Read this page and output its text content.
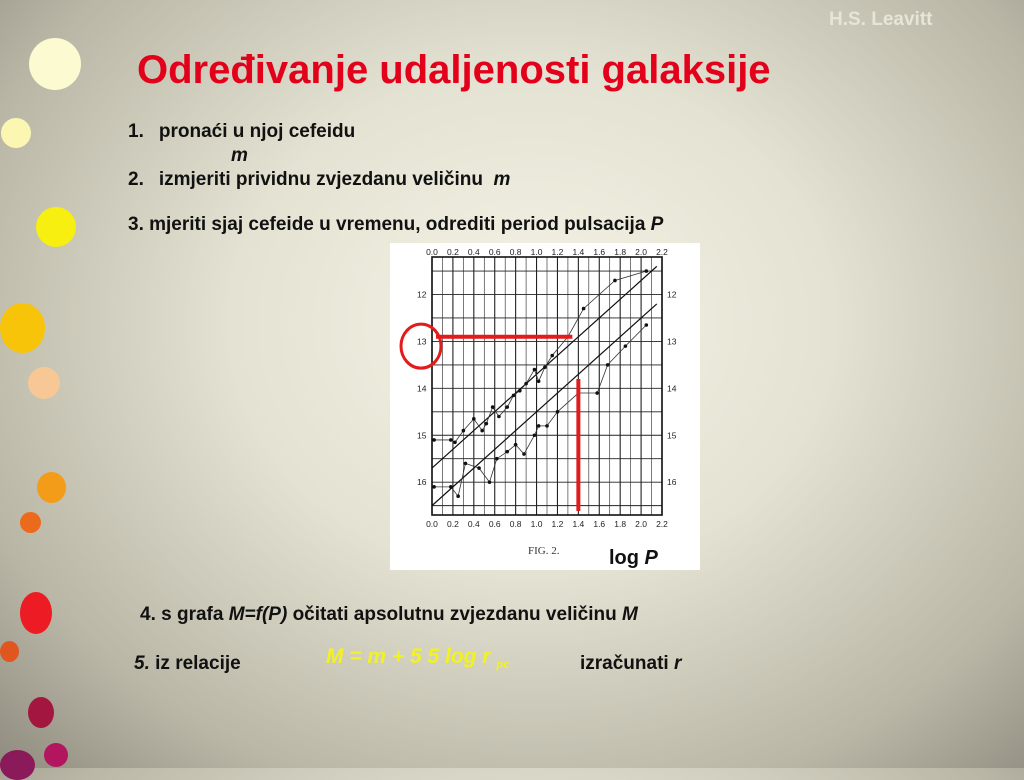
H.S. Leavitt
Određivanje udaljenosti galaksije
1. pronaći u njoj cefeidu
m
2. izmjeriti prividnu zvjezdanu veličinu m
3. mjeriti sjaj cefeide u vremenu, odrediti period pulsacija P
0.0 0.2 0.4 0.6 0.8 1.0 1.2 1.4 1.6 1.8 2.0 2.2
0.0 0.2 0.4 0.6 0.8 1.0 1.2 1.4 1.6 1.8 2.0 2.2
12	12
13	13
14	14
15	15
16	16
FIG. 2. log P
4. s grafa M=f(P) očitati apsolutnu zvjezdanu veličinu M
5. iz relacije	M = m + 5 5 log r $_{pc}$	izračunati r
